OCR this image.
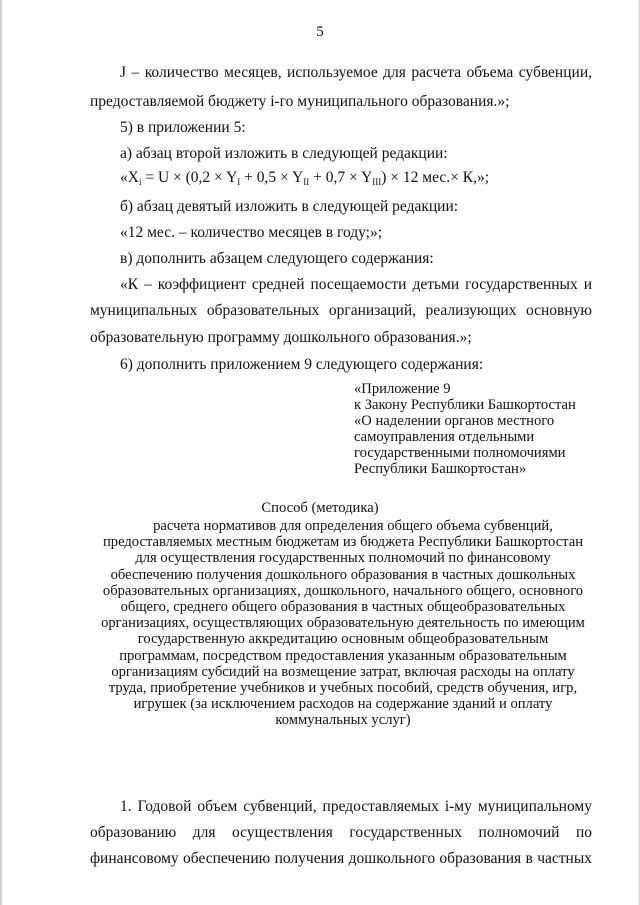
5
J – количество месяцев, используемое для расчета объема субвенции,
предоставляемой бюджету i-го муниципального образования.»;
5) в приложении 5:
а) абзац второй изложить в следующей редакции:
«$X_i = U \times (0,2 \times Y_I + 0,5 \times Y_{II} + 0,7 \times Y_{III}) \times 12$ мес.× К,»;
б) абзац девятый изложить в следующей редакции:
«12 мес. – количество месяцев в году;»;
в) дополнить абзацем следующего содержания:
«К – коэффициент средней посещаемости детьми государственных и
муниципальных образовательных организаций, реализующих основную
образовательную программу дошкольного образования.»;
6) дополнить приложением 9 следующего содержания:
«Приложение 9
к Закону Республики Башкортостан
«О наделении органов местного
самоуправления отдельными
государственными полномочиями
Республики Башкортостан»
Способ (методика)
расчета нормативов для определения общего объема субвенций,
предоставляемых местным бюджетам из бюджета Республики Башкортостан
для осуществления государственных полномочий по финансовому
обеспечению получения дошкольного образования в частных дошкольных
образовательных организациях, дошкольного, начального общего, основного
общего, среднего общего образования в частных общеобразовательных
организациях, осуществляющих образовательную деятельность по имеющим
государственную аккредитацию основным общеобразовательным
программам, посредством предоставления указанным образовательным
организациям субсидий на возмещение затрат, включая расходы на оплату
труда, приобретение учебников и учебных пособий, средств обучения, игр,
игрушек (за исключением расходов на содержание зданий и оплату
коммунальных услуг)
1. Годовой объем субвенций, предоставляемых i-му муниципальному
образованию для осуществления государственных полномочий по
финансовому обеспечению получения дошкольного образования в частных
